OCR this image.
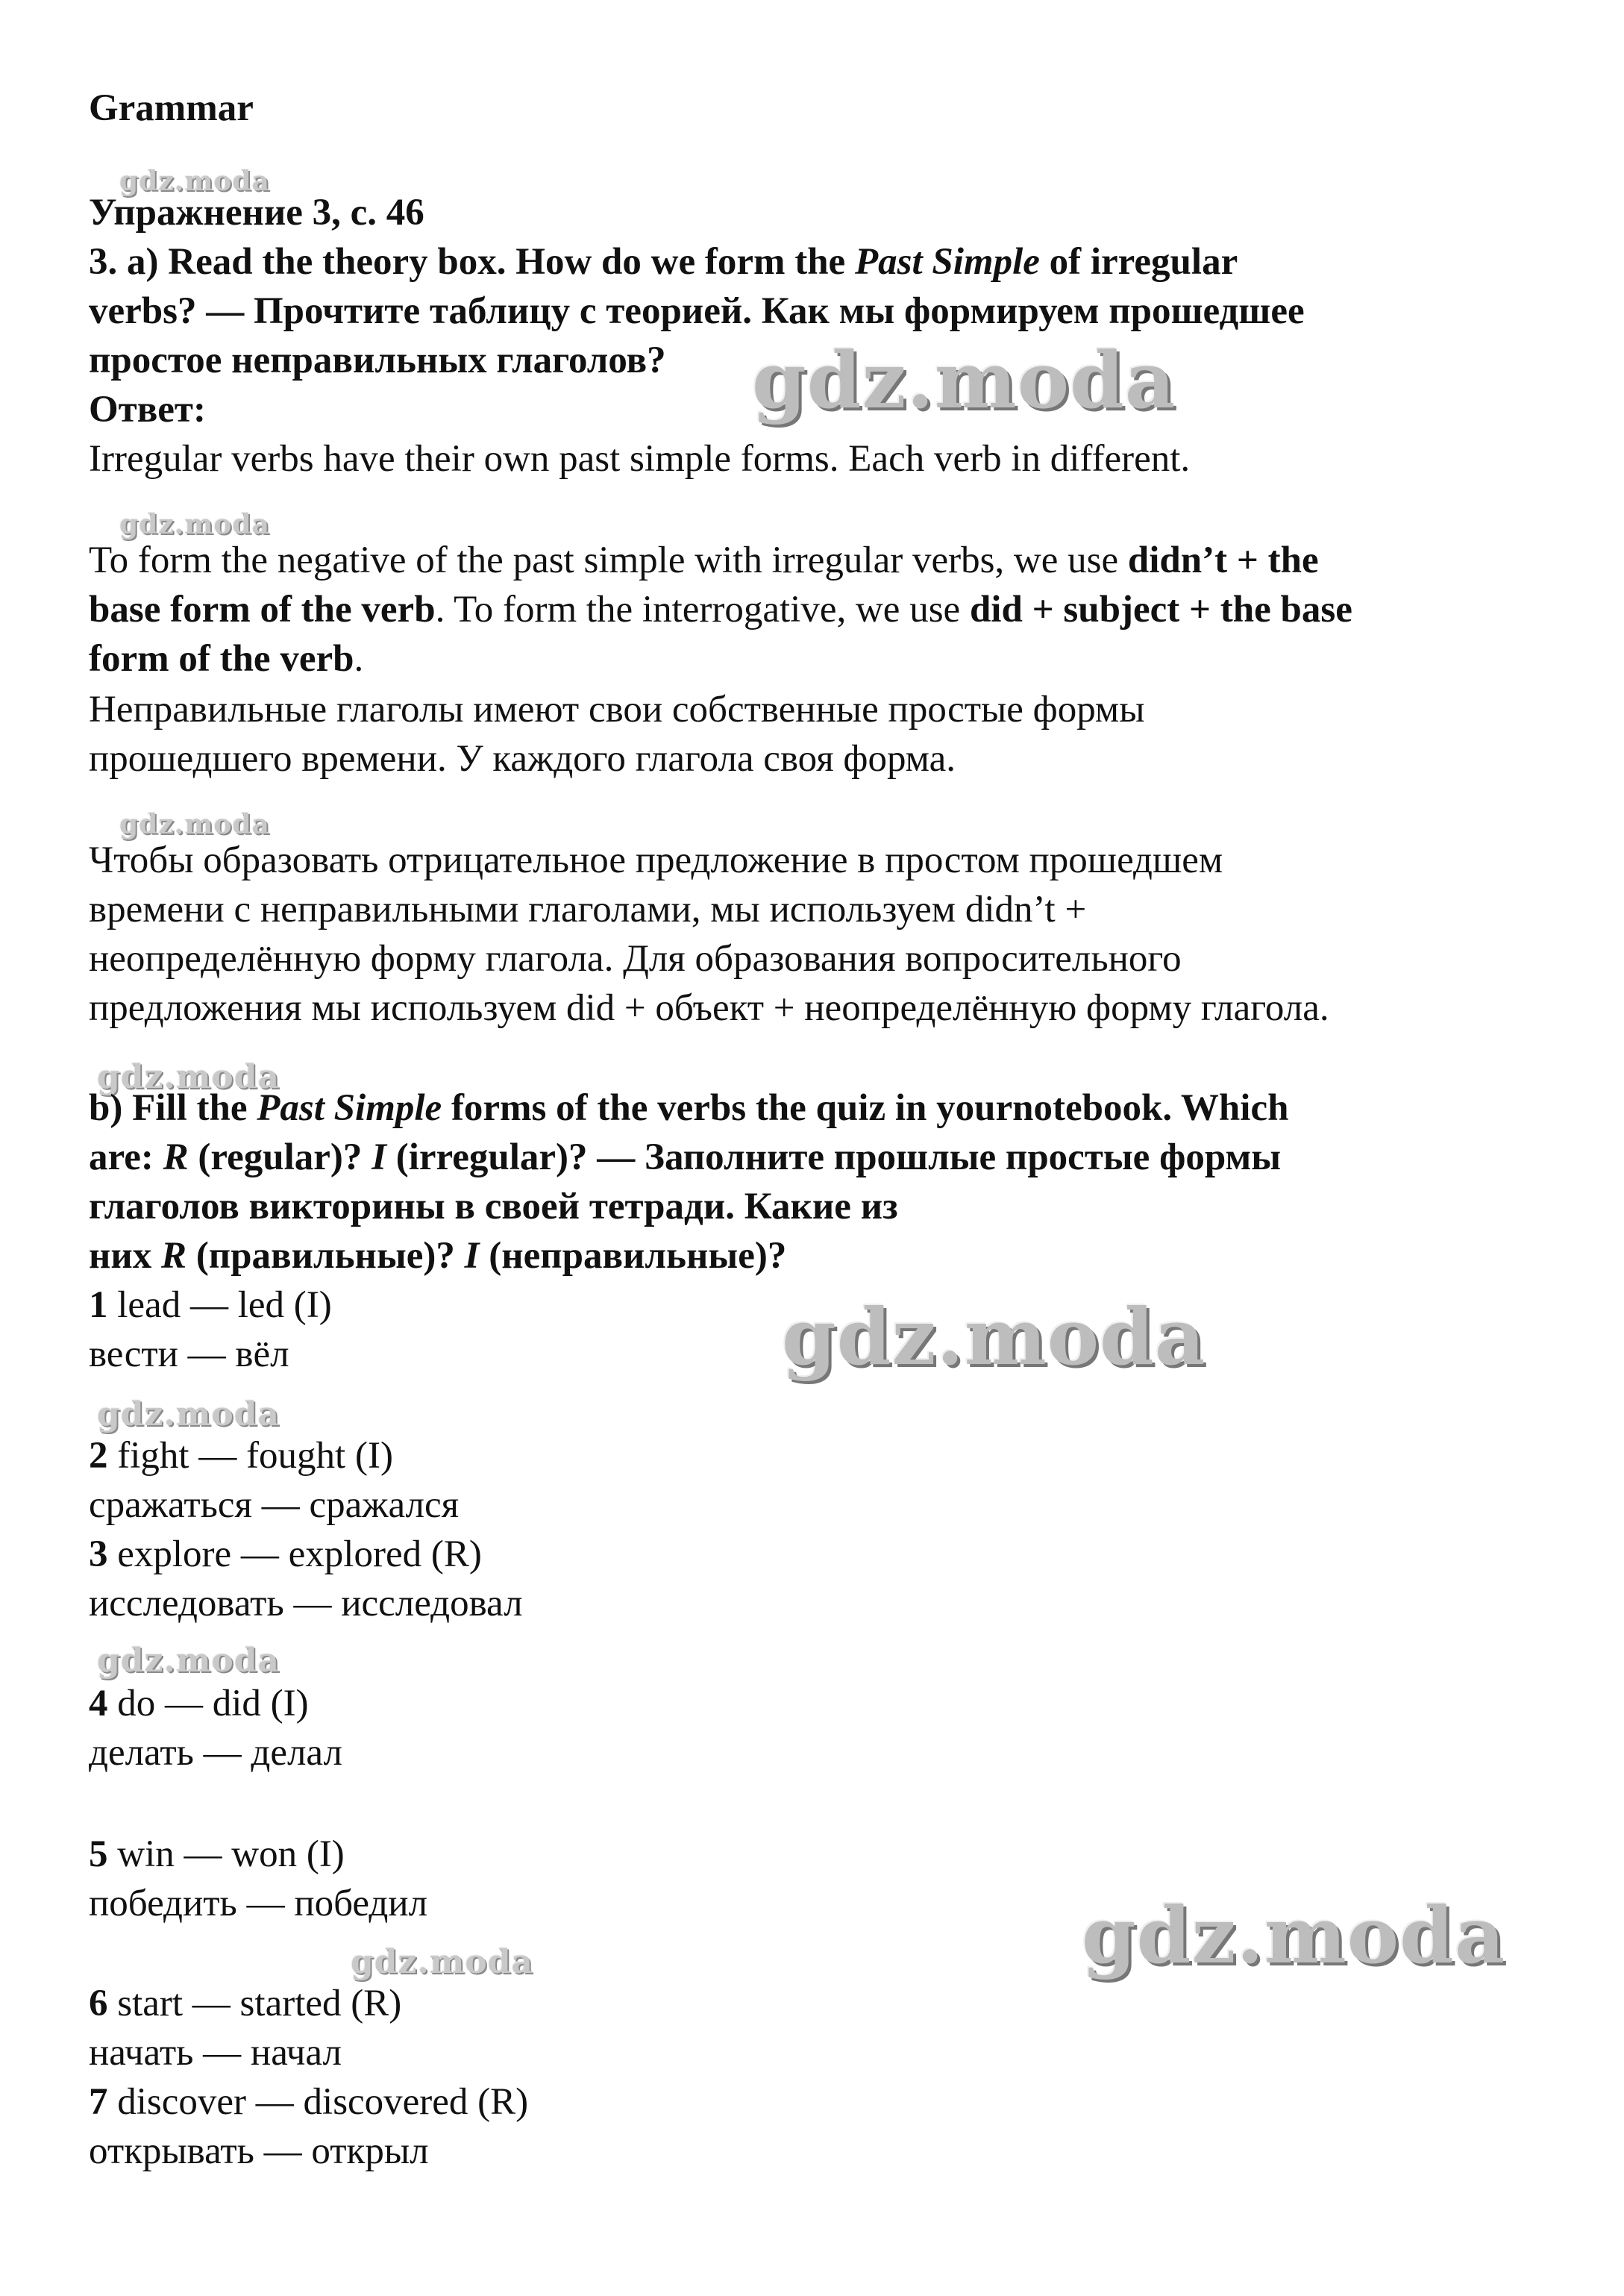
Grammar
gdz.moda
Упражнение 3, с. 46
3. a) Read the theory box. How do we form the Past Simple of irregular
verbs? — Прочтите таблицу с теорией. Как мы формируем прошедшее
простое неправильных глаголов? gdz.moda
Ответ:
Irregular verbs have their own past simple forms. Each verb in different.
gdz.moda
To form the negative of the past simple with irregular verbs, we use didn’t + the
base form of the verb. To form the interrogative, we use did + subject + the base
form of the verb.
Неправильные глаголы имеют свои собственные простые формы
прошедшего времени. У каждого глагола своя форма.
gdz.moda
Чтобы образовать отрицательное предложение в простом прошедшем
времени с неправильными глаголами, мы используем didn’t +
неопределённую форму глагола. Для образования вопросительного
предложения мы используем did + объект + неопределённую форму глагола.
gdz.moda
b) Fill the Past Simple forms of the verbs the quiz in yournotebook. Which
are: R (regular)? I (irregular)? — Заполните прошлые простые формы
глаголов викторины в своей тетради. Какие из
них R (правильные)? I (неправильные)?
1 lead — led (I)	gdz.moda
вести — вёл
gdz.moda
2 fight — fought (I)
сражаться — сражался
3 explore — explored (R)
исследовать — исследовал
gdz.moda
4 do — did (I)
делать — делал
5 win — won (I)
победить — победил	gdz.moda
gdz.moda
6 start — started (R)
начать — начал
7 discover — discovered (R)
открывать — открыл
